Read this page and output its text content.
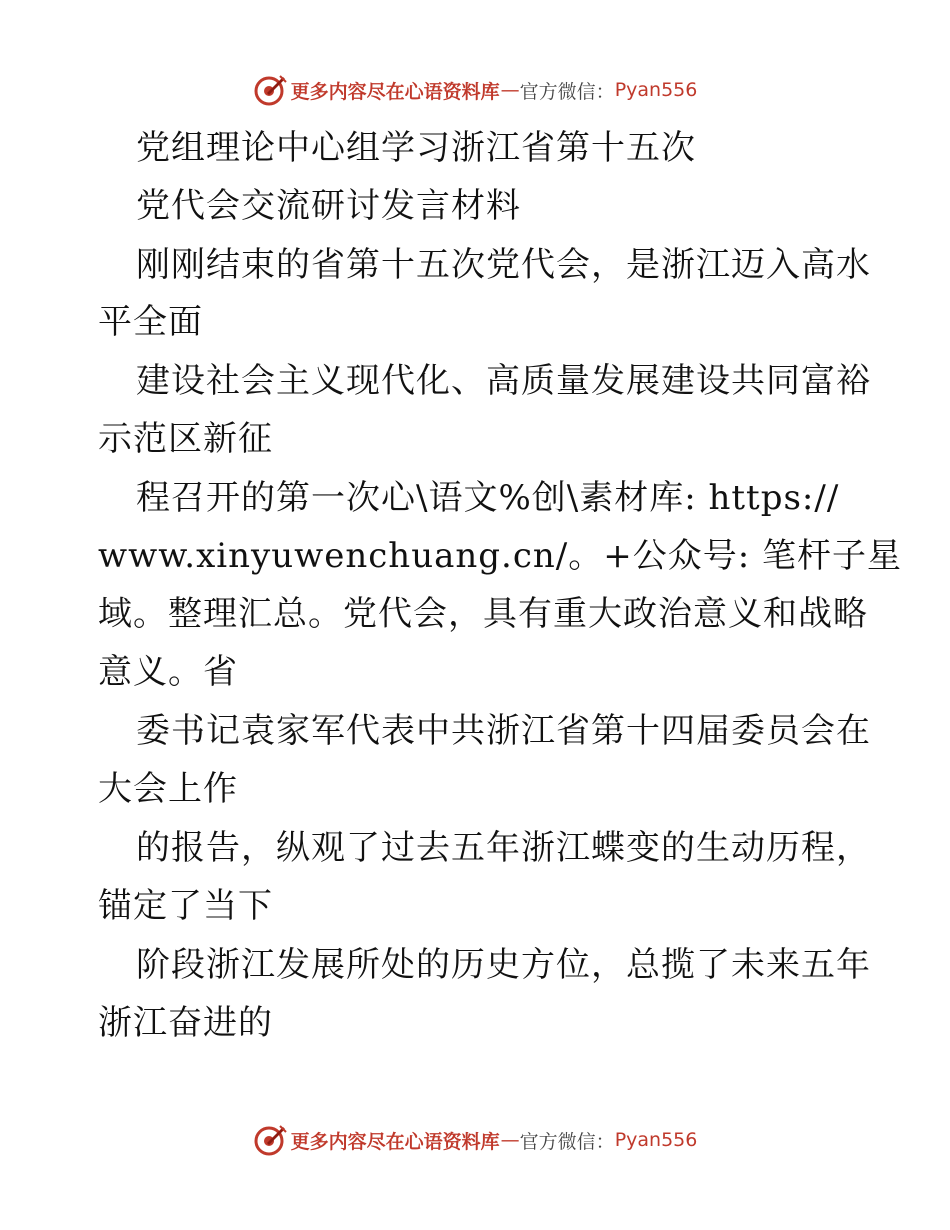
更多内容尽在心语资料库 — 官方微信： Pyan556
党组理论中心组学习浙江省第十五次
党代会交流研讨发言材料
刚刚结束的省第十五次党代会，是浙江迈入高水
平全面
建设社会主义现代化、高质量发展建设共同富裕
示范区新征
程召开的第一次心\语文%创\素材库: https://
www.xinyuwenchuang.cn/。+公众号: 笔杆子星
域。整理汇总。党代会，具有重大政治意义和战略
意义。省
委书记袁家军代表中共浙江省第十四届委员会在
大会上作
的报告，纵观了过去五年浙江蝶变的生动历程，
锚定了当下
阶段浙江发展所处的历史方位，总揽了未来五年
浙江奋进的
更多内容尽在心语资料库 — 官方微信： Pyan556
